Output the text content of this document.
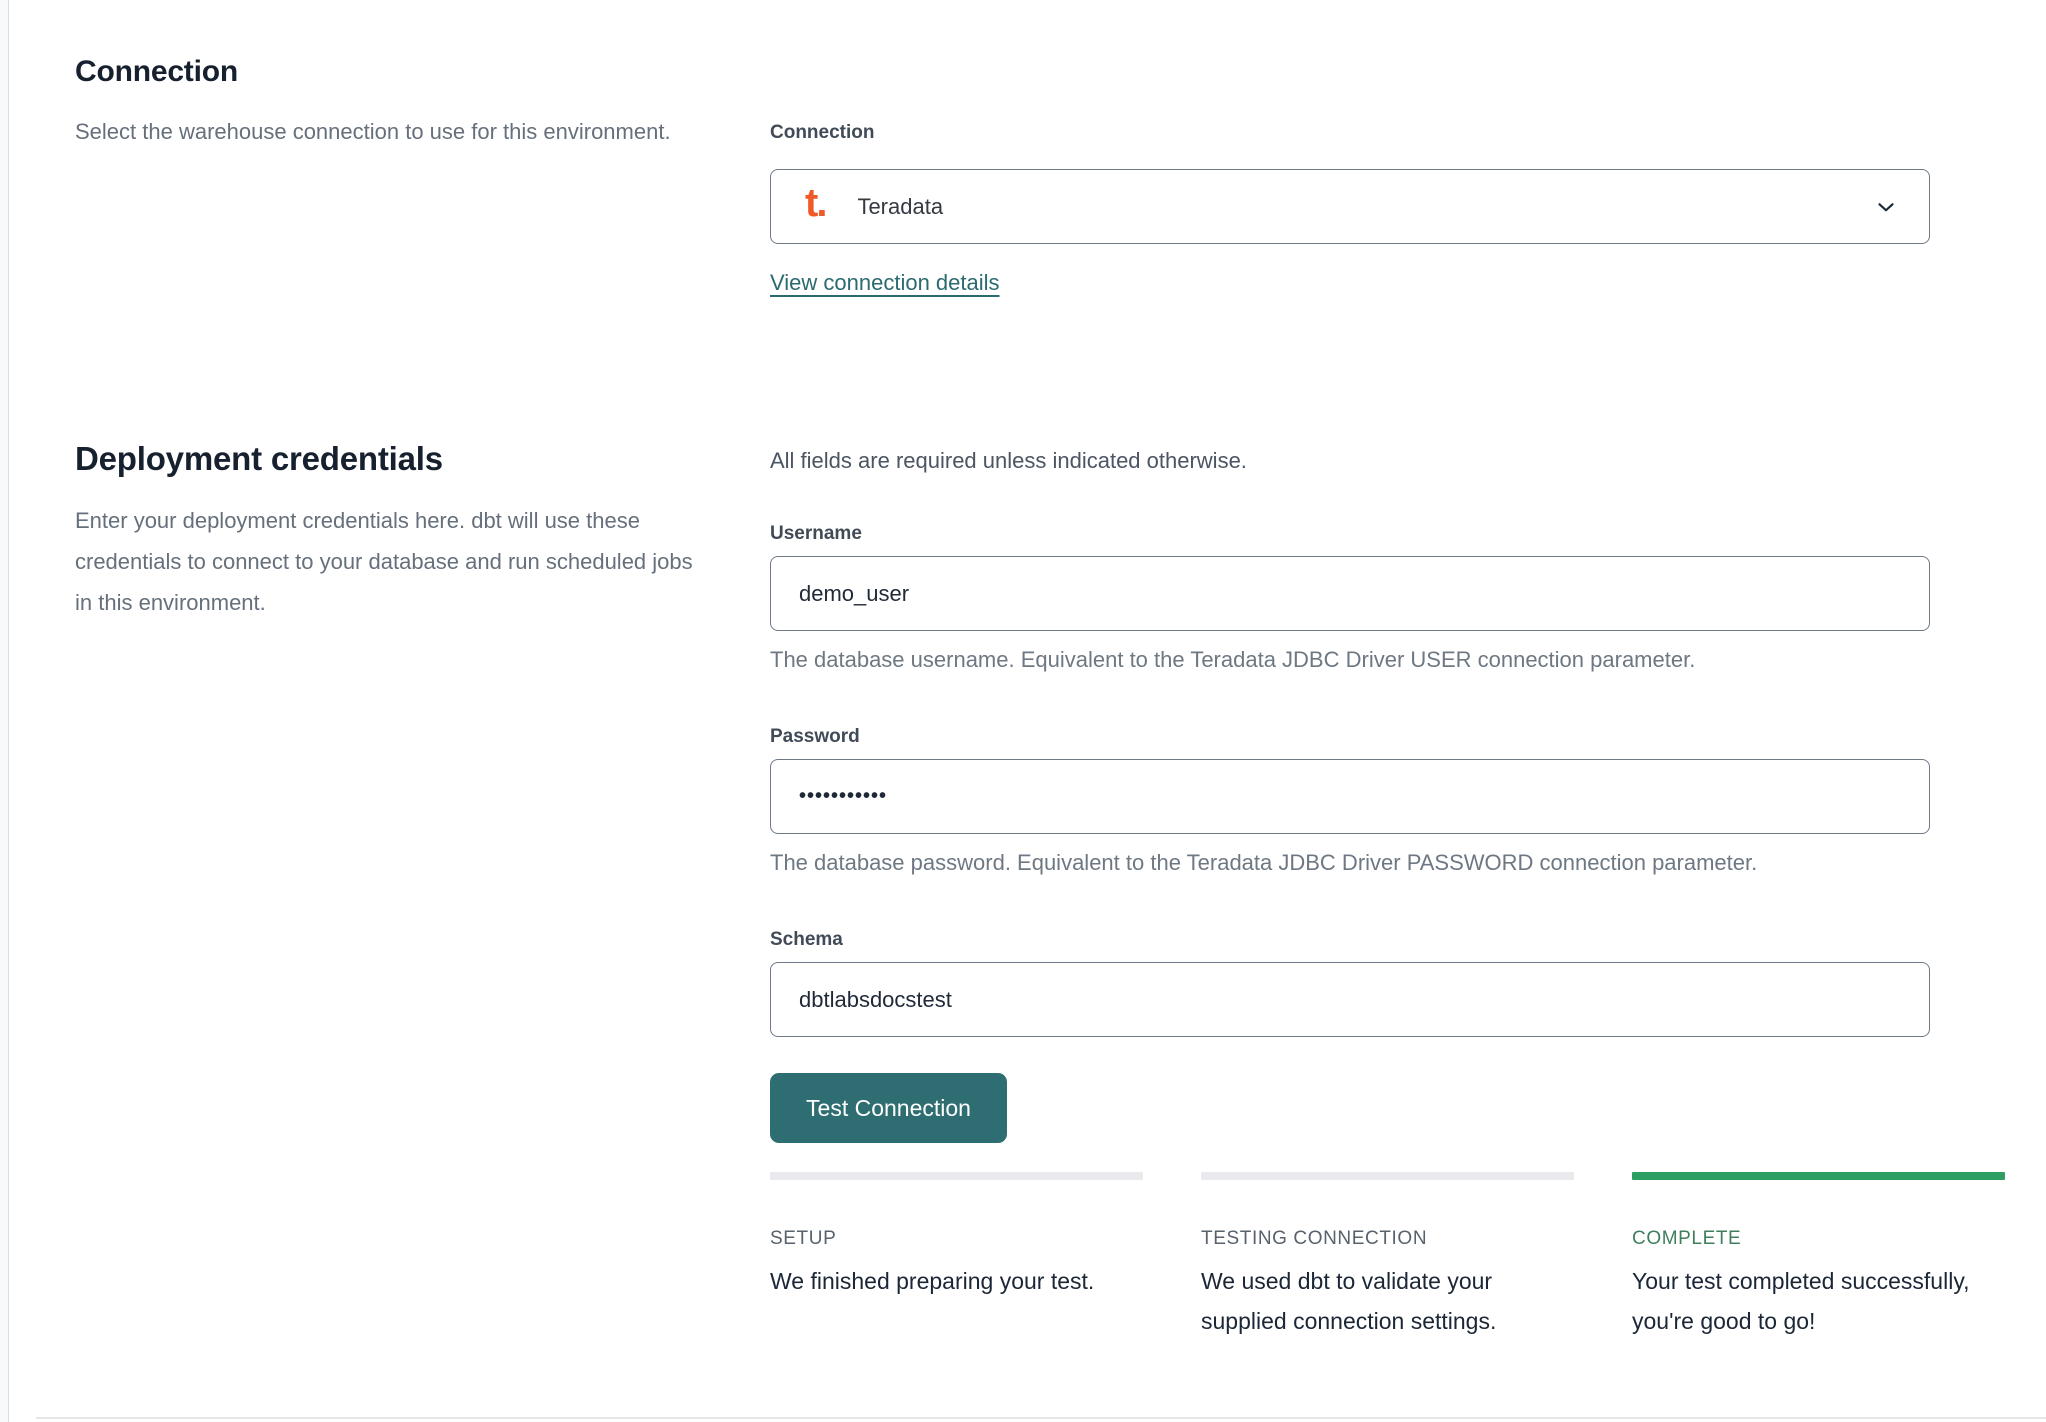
Connection

Select the warehouse connection to use for this environment.	Connection
t. Teradata
View connection details
Deployment credentials

Enter your deployment credentials here. dbt will use these credentials to connect to your database and run scheduled jobs in this environment.

All fields are required unless indicated otherwise.

Username
demo_user

The database username. Equivalent to the Teradata JDBC Driver USER connection parameter.

Password
•••••••••••

The database password. Equivalent to the Teradata JDBC Driver PASSWORD connection parameter.

Schema
dbtlabsdocstest
Test Connection
SETUP
We finished preparing your test.
TESTING CONNECTION
We used dbt to validate your supplied connection settings.
COMPLETE
Your test completed successfully, you're good to go!
